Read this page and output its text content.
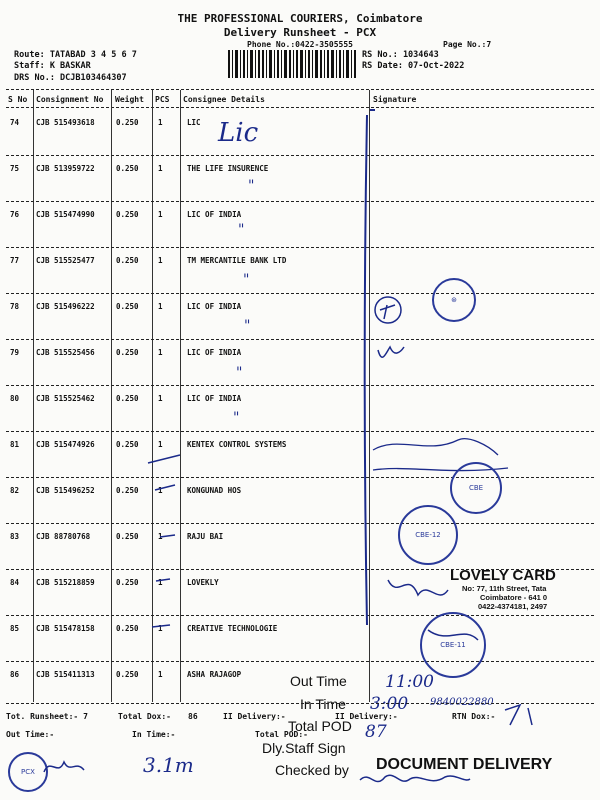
THE PROFESSIONAL COURIERS, Coimbatore
Delivery Runsheet - PCX
Phone No.:0422-3505555	Page No.:7
Route: TATABAD 3 4 5 6 7
Staff: K BASKAR
DRS No.: DCJB103464307
RS No.: 1034643
RS Date: 07-Oct-2022
S No Consignment No Weight PCS Consignee Details	Signature
74 CJB 515493618	0.250	1	LIC
75 CJB 513959722	0.250	1	THE LIFE INSURENCE
76 CJB 515474990	0.250	1	LIC OF INDIA
77 CJB 515525477	0.250	1	TM MERCANTILE BANK LTD
78 CJB 515496222	0.250	1	LIC OF INDIA
79 CJB 515525456	0.250	1	LIC OF INDIA
80 CJB 515525462	0.250	1	LIC OF INDIA
81 CJB 515474926	0.250	1	KENTEX CONTROL SYSTEMS
82 CJB 515496252	0.250	1	KONGUNAD HOS
83 CJB 88780768	0.250	1	RAJU BAI
84 CJB 515218859	0.250	1	LOVEKLY
85 CJB 515478158	0.250	1	CREATIVE TECHNOLOGIE
86 CJB 515411313	0.250	1	ASHA RAJAGOP
Lic
"
"
"
"
"
"
⊛
CBE
CBE-12
CBE-11
LOVELY CARD
No: 77, 11th Street, Tata
Coimbatore - 641 0
0422-4374181, 2497
Out Time
In Time
Total POD
Dly.Staff Sign
Checked by DOCUMENT DELIVERY
11:00
3:00 9840022880
87
Tot. Runsheet:- 7	Total Dox:- 86	II Delivery:-	II Delivery:-	RTN Dox:-
Out Time:-	In Time:-	Total POD:-
3.1m
PCX
